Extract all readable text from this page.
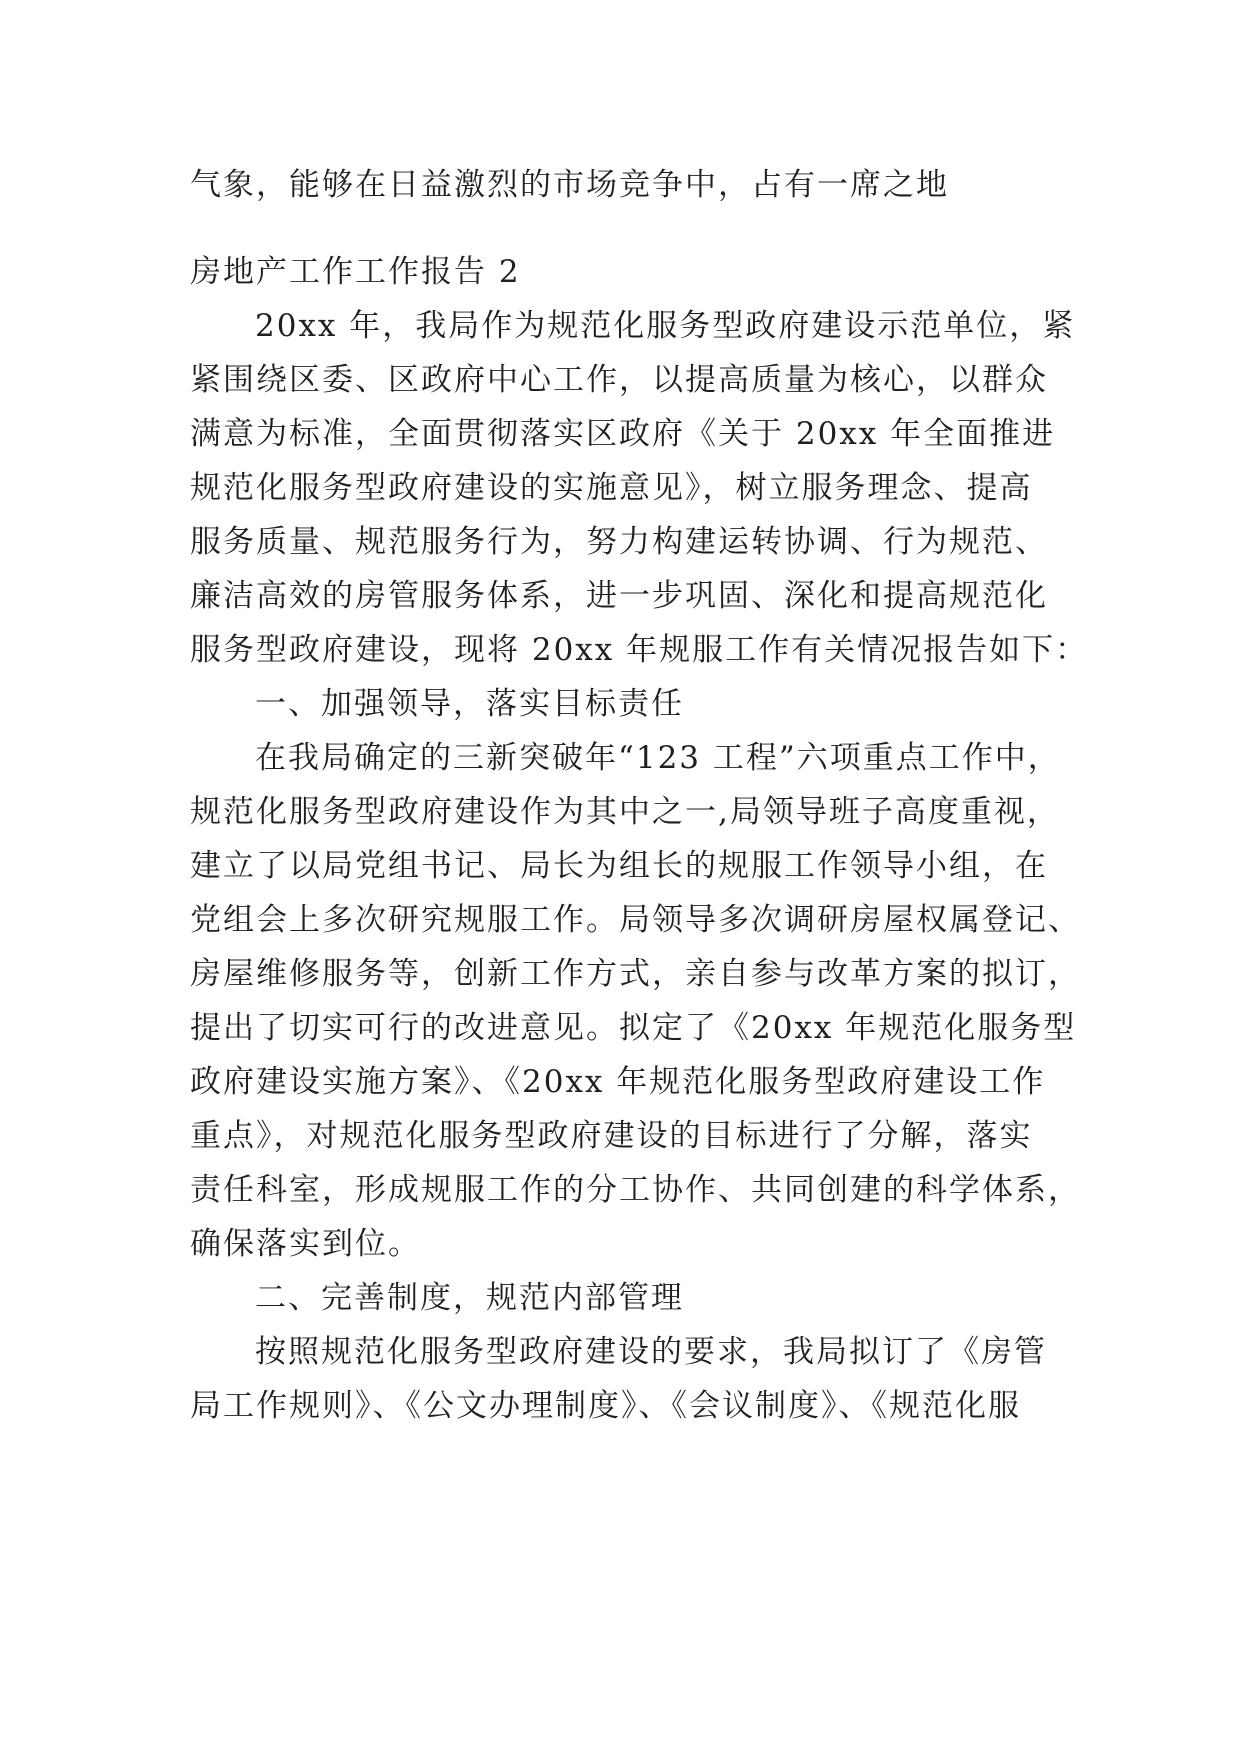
气象，能够在日益激烈的市场竞争中，占有一席之地
房地产工作工作报告 2
20xx 年，我局作为规范化服务型政府建设示范单位，紧
紧围绕区委、区政府中心工作，以提高质量为核心，以群众
满意为标准，全面贯彻落实区政府《关于 20xx 年全面推进
规范化服务型政府建设的实施意见》，树立服务理念、提高
服务质量、规范服务行为，努力构建运转协调、行为规范、
廉洁高效的房管服务体系，进一步巩固、深化和提高规范化
服务型政府建设，现将 20xx 年规服工作有关情况报告如下：
一、加强领导，落实目标责任
在我局确定的三新突破年“123 工程”六项重点工作中，
规范化服务型政府建设作为其中之一,局领导班子高度重视，
建立了以局党组书记、局长为组长的规服工作领导小组，在
党组会上多次研究规服工作。局领导多次调研房屋权属登记、
房屋维修服务等，创新工作方式，亲自参与改革方案的拟订，
提出了切实可行的改进意见。拟定了《20xx 年规范化服务型
政府建设实施方案》、《20xx 年规范化服务型政府建设工作
重点》，对规范化服务型政府建设的目标进行了分解，落实
责任科室，形成规服工作的分工协作、共同创建的科学体系，
确保落实到位。
二、完善制度，规范内部管理
按照规范化服务型政府建设的要求，我局拟订了《房管
局工作规则》、《公文办理制度》、《会议制度》、《规范化服
